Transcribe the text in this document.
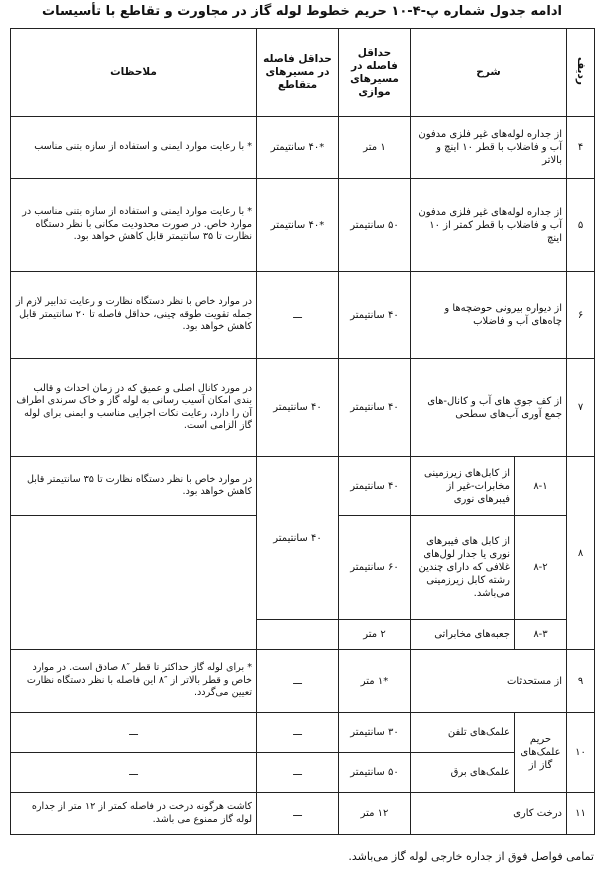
ادامه جدول شماره پ-۴-۱۰ حریم خطوط لوله گاز در مجاورت و تقاطع با تأسیسات
ردیف	شرح		حداقل فاصله در مسیرهای موازی	حداقل فاصله در مسیرهای متقاطع	ملاحظات
۴	از جداره لوله‌های غیر فلزی مدفون آب و فاضلاب با قطر ۱۰ اینچ و بالاتر		۱ متر	*۴۰ سانتیمتر	* با رعایت موارد ایمنی و استفاده از سازه بتنی مناسب
۵	از جداره لوله‌های غیر فلزی مدفون آب و فاضلاب با قطر کمتر از ۱۰ اینچ		۵۰ سانتیمتر	*۴۰ سانتیمتر	* با رعایت موارد ایمنی و استفاده از سازه بتنی مناسب در موارد خاص. در صورت محدودیت مکانی با نظر دستگاه نظارت تا ۳۵ سانتیمتر قابل کاهش خواهد بود.
۶	از دیواره بیرونی حوضچه‌ها و چاه‌های آب و فاضلاب		۴۰ سانتیمتر	ـــ	در موارد خاص با نظر دستگاه نظارت و رعایت تدابیر لازم از جمله تقویت طوقه چینی، حداقل فاصله تا ۲۰ سانتیمتر قابل کاهش خواهد بود.
۷	از کف جوی های آب و کانال-های جمع آوری آب‌های سطحی		۴۰ سانتیمتر	۴۰ سانتیمتر	در مورد کانال اصلی و عمیق که در زمان احداث و قالب بندی امکان آسیب رسانی به لوله گاز و خاک سرندی اطراف آن را دارد، رعایت نکات اجرایی مناسب و ایمنی برای لوله گاز الزامی است.
۸	۸-۱	از کابل‌های زیرزمینی مخابرات-غیر از فیبرهای نوری	۴۰ سانتیمتر	۴۰ سانتیمتر	در موارد خاص با نظر دستگاه نظارت تا ۳۵ سانتیمتر قابل کاهش خواهد بود.
	۸-۲	از کابل های فیبرهای نوری یا جدار لول‌های غلافی که دارای چندین رشته کابل زیرزمینی می‌باشد.	۶۰ سانتیمتر		
	۸-۳	جعبه‌های مخابراتی	۲ متر		
۹	از مستحدثات		*۱ متر	ـــ	* برای لوله گاز حداکثر تا قطر ″۸ صادق است. در موارد خاص و قطر بالاتر از ″۸ این فاصله با نظر دستگاه نظارت تعیین می‌گردد.
۱۰	حریم علمک‌های گاز از	علمک‌های تلفن	۳۰ سانتیمتر	ـــ	ـــ
		علمک‌های برق	۵۰ سانتیمتر	ـــ	ـــ
۱۱	درخت کاری		۱۲ متر	ـــ	کاشت هرگونه درخت در فاصله کمتر از ۱۲ متر از جداره لوله گاز ممنوع می باشد.
تمامی فواصل فوق از جداره خارجی لوله گاز می‌باشد.
